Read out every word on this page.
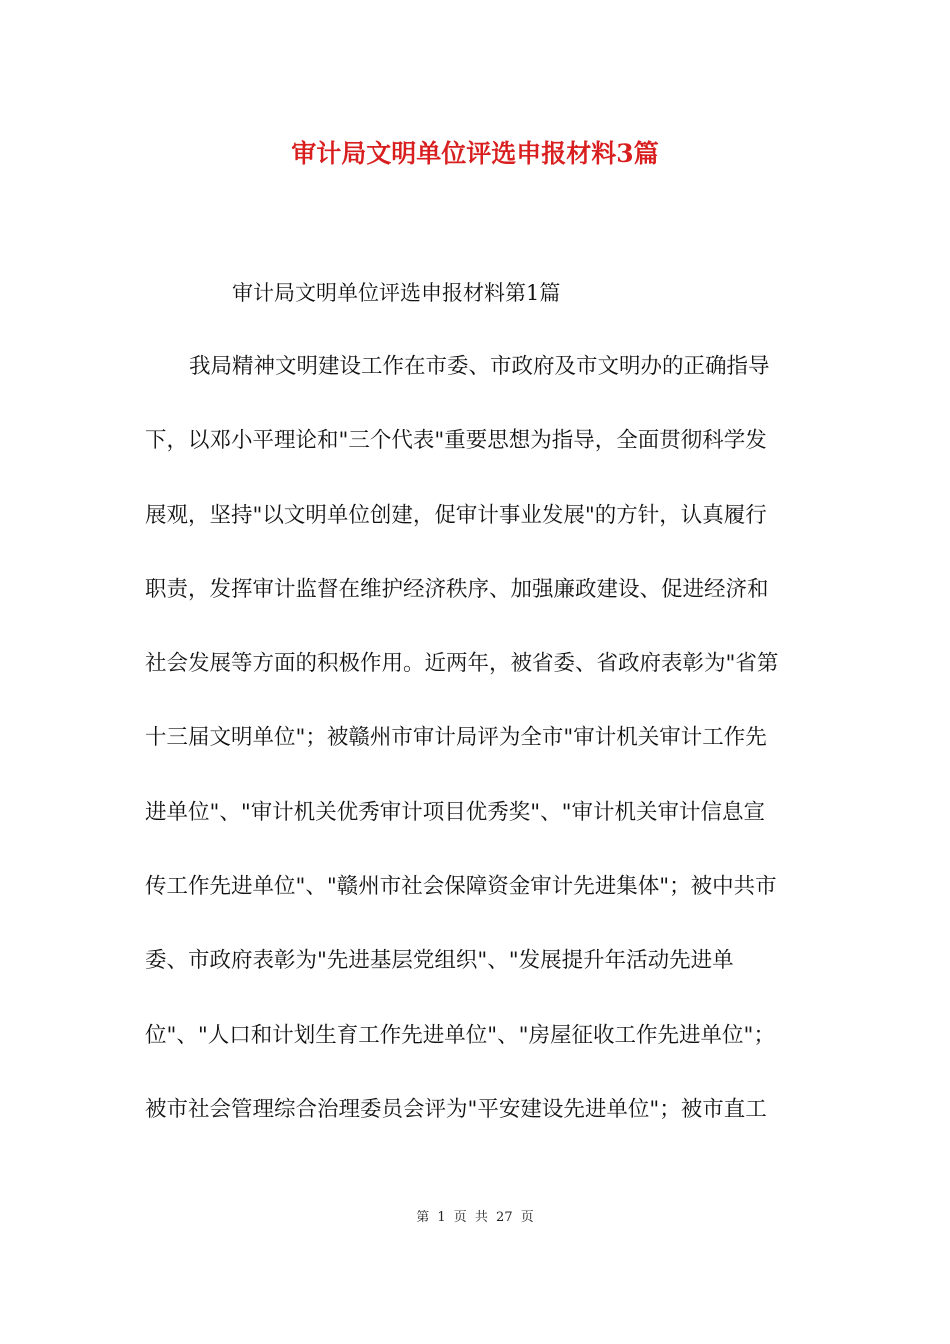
审计局文明单位评选申报材料3篇
审计局文明单位评选申报材料第1篇
我局精神文明建设工作在市委、市政府及市文明办的正确指导
下，以邓小平理论和"三个代表"重要思想为指导，全面贯彻科学发
展观，坚持"以文明单位创建，促审计事业发展"的方针，认真履行
职责，发挥审计监督在维护经济秩序、加强廉政建设、促进经济和
社会发展等方面的积极作用。近两年，被省委、省政府表彰为"省第
十三届文明单位"；被赣州市审计局评为全市"审计机关审计工作先
进单位"、"审计机关优秀审计项目优秀奖"、"审计机关审计信息宣
传工作先进单位"、"赣州市社会保障资金审计先进集体"；被中共市
委、市政府表彰为"先进基层党组织"、"发展提升年活动先进单
位"、"人口和计划生育工作先进单位"、"房屋征收工作先进单位"；
被市社会管理综合治理委员会评为"平安建设先进单位"；被市直工
第 1 页 共 27 页
